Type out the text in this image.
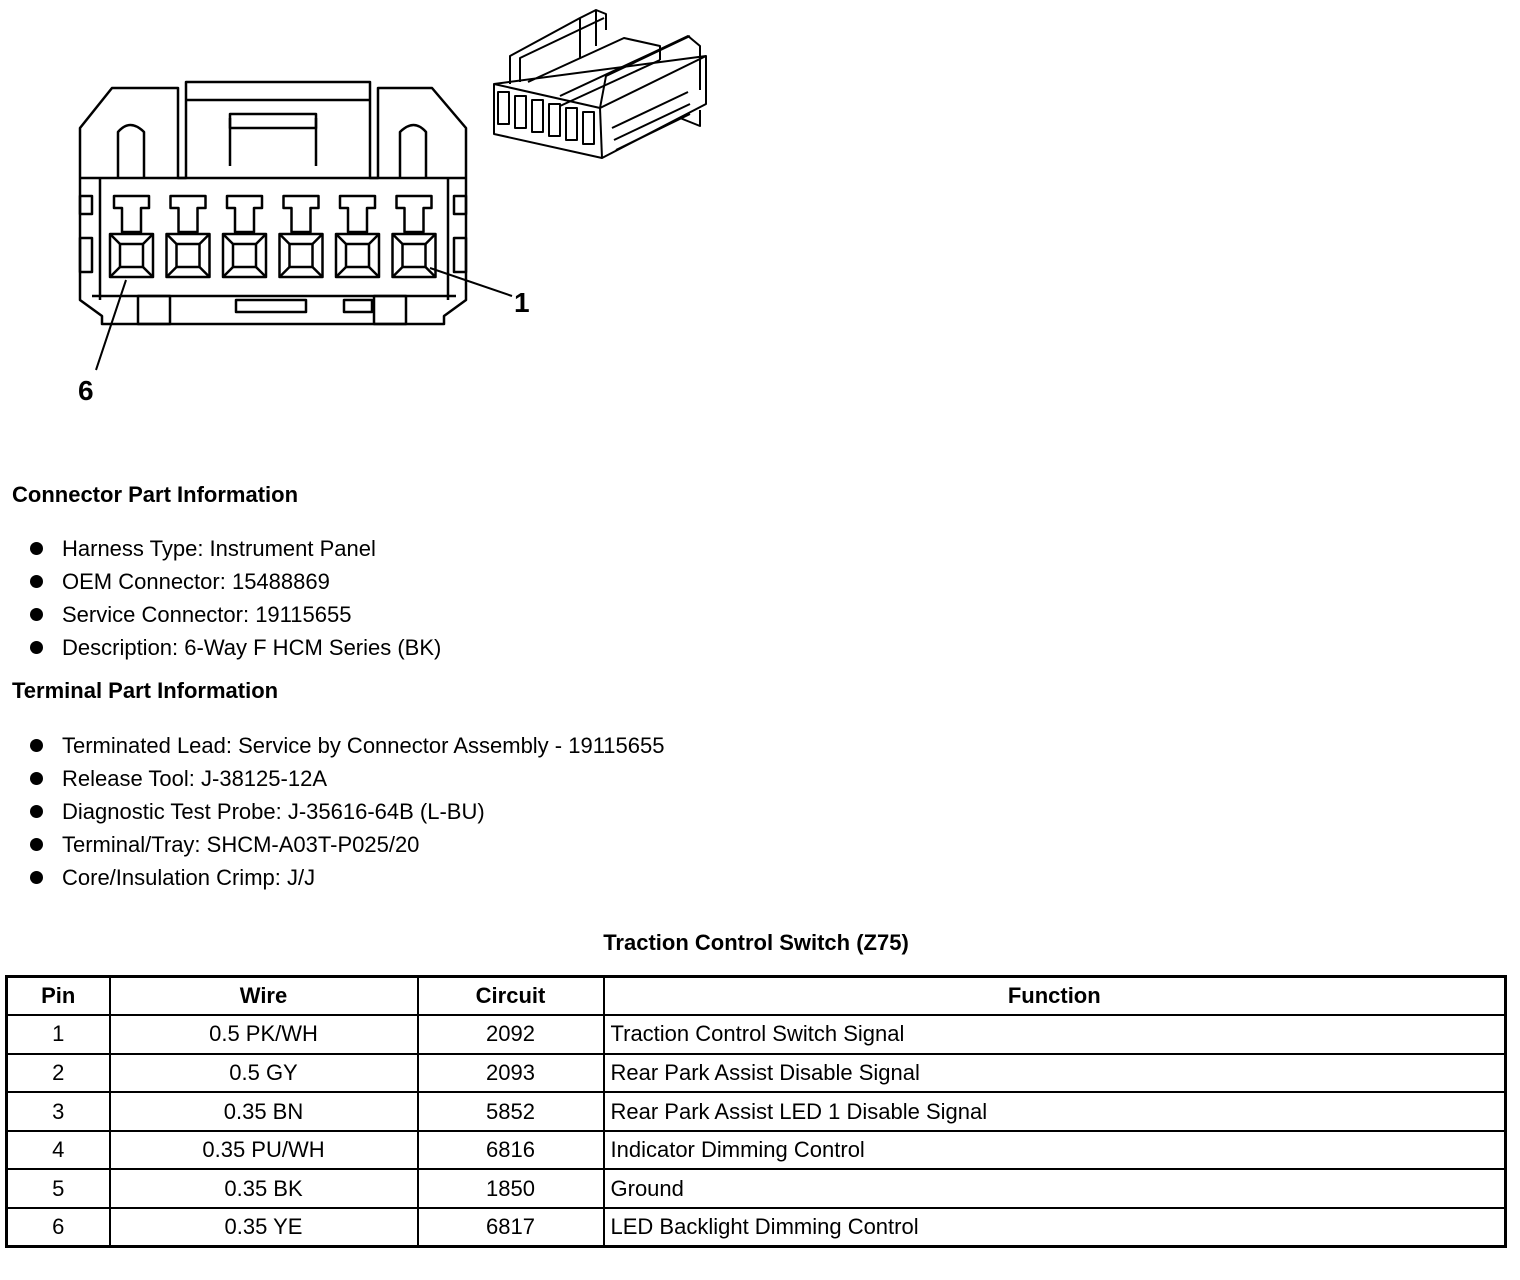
1
6
Connector Part Information
Harness Type: Instrument Panel
OEM Connector: 15488869
Service Connector: 19115655
Description: 6-Way F HCM Series (BK)
Terminal Part Information
Terminated Lead: Service by Connector Assembly - 19115655
Release Tool: J-38125-12A
Diagnostic Test Probe: J-35616-64B (L-BU)
Terminal/Tray: SHCM-A03T-P025/20
Core/Insulation Crimp: J/J
Traction Control Switch (Z75)
Pin	Wire	Circuit	Function
1	0.5 PK/WH	2092	Traction Control Switch Signal
2	0.5 GY	2093	Rear Park Assist Disable Signal
3	0.35 BN	5852	Rear Park Assist LED 1 Disable Signal
4	0.35 PU/WH	6816	Indicator Dimming Control
5	0.35 BK	1850	Ground
6	0.35 YE	6817	LED Backlight Dimming Control
